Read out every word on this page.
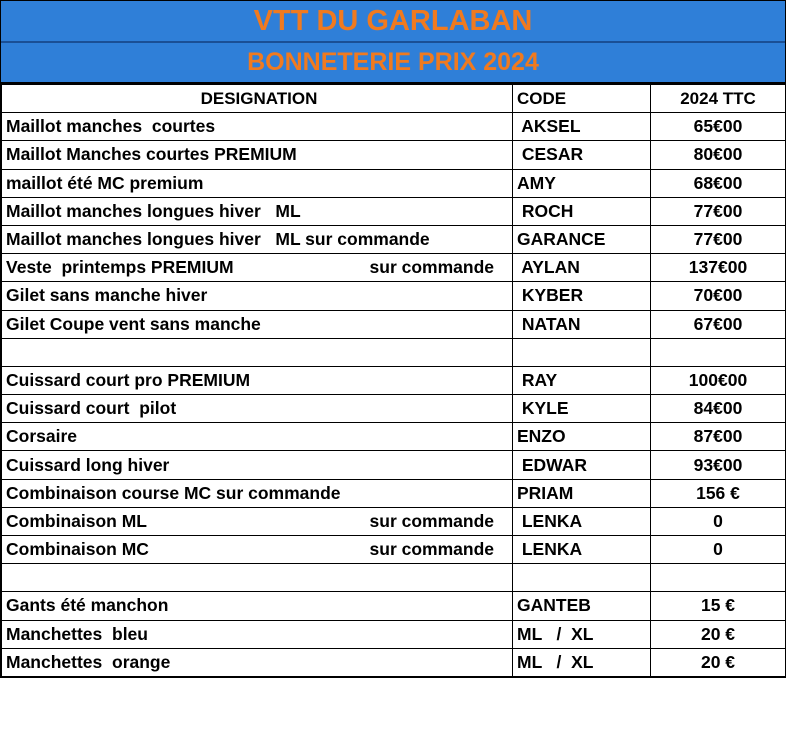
VTT DU GARLABAN
BONNETERIE PRIX 2024
DESIGNATION	CODE	2024 TTC
Maillot manches  courtes	AKSEL	65€00
Maillot Manches courtes PREMIUM	CESAR	80€00
maillot été MC premium	AMY	68€00
Maillot manches longues hiver   ML	ROCH	77€00
Maillot manches longues hiver   ML sur commande	GARANCE	77€00
Veste  printemps PREMIUM sur commande	AYLAN	137€00
Gilet sans manche hiver	KYBER	70€00
Gilet Coupe vent sans manche	NATAN	67€00

Cuissard court pro PREMIUM	RAY	100€00
Cuissard court  pilot	KYLE	84€00
Corsaire	ENZO	87€00
Cuissard long hiver	EDWAR	93€00
Combinaison course MC sur commande	PRIAM	156 €
Combinaison ML sur commande	LENKA	0
Combinaison MC sur commande	LENKA	0

Gants été manchon	GANTEB	15 €
Manchettes  bleu	ML   /  XL	20 €
Manchettes  orange	ML   /  XL	20 €
